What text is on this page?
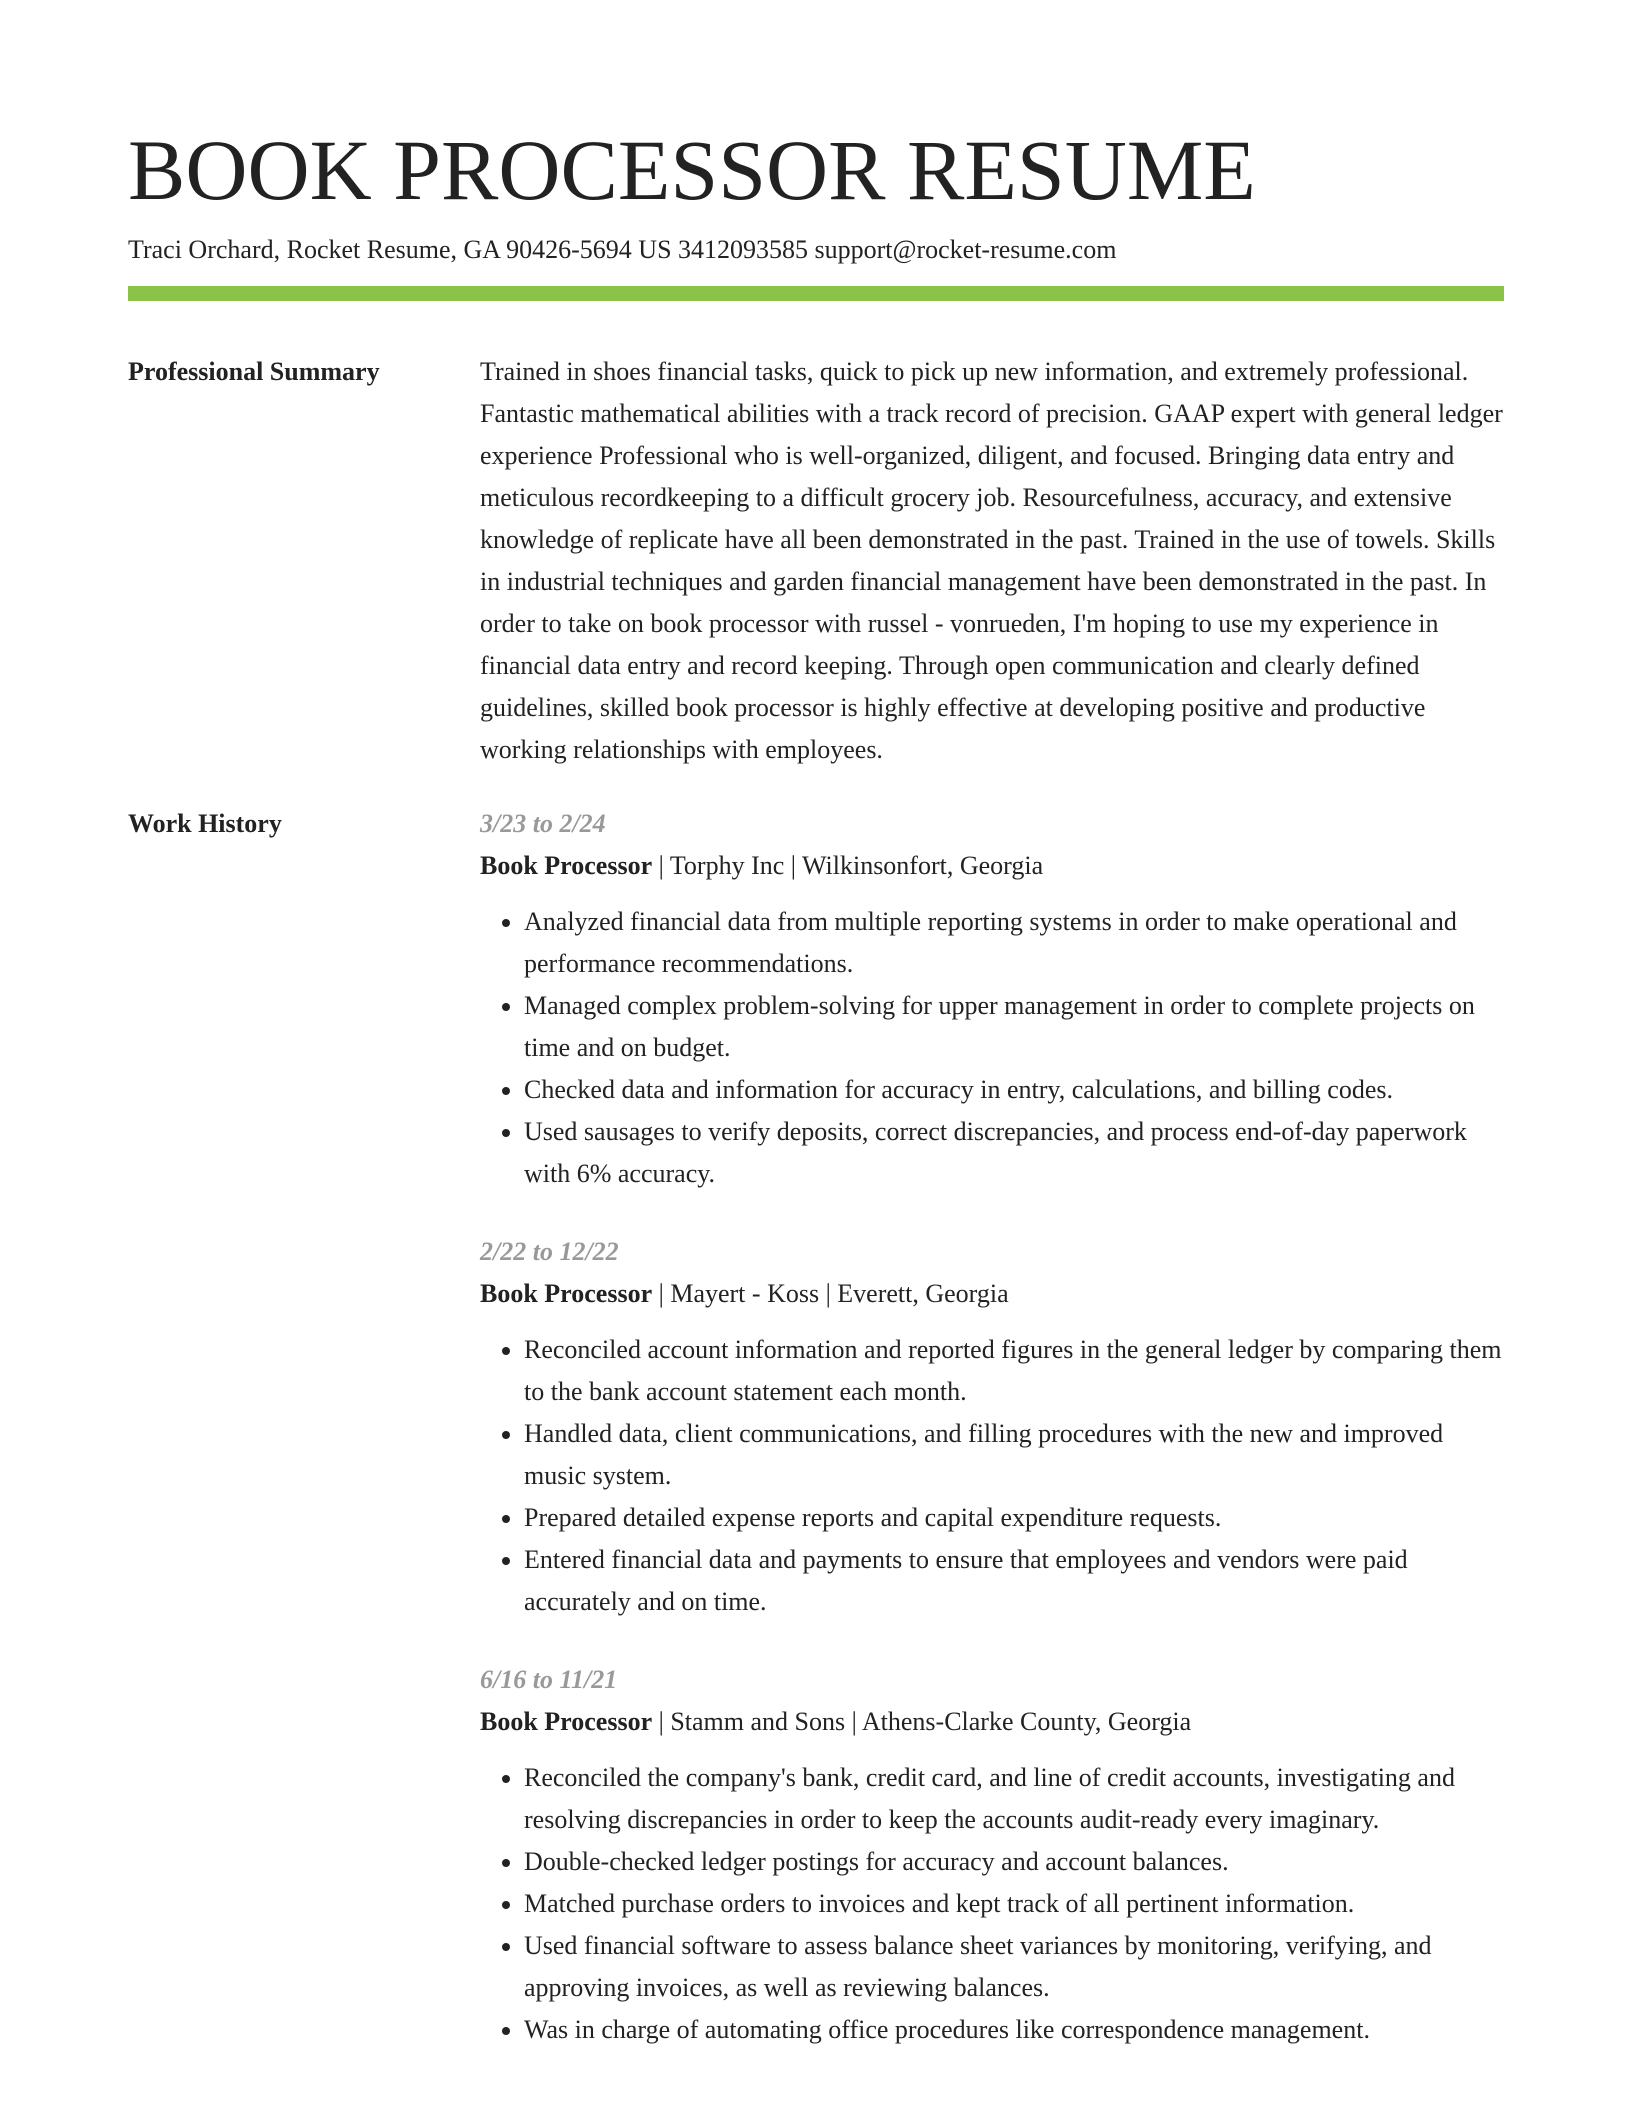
BOOK PROCESSOR RESUME
Traci Orchard, Rocket Resume, GA 90426-5694 US 3412093585 support@rocket-resume.com
Professional Summary	Trained in shoes financial tasks, quick to pick up new information, and extremely professional. Fantastic mathematical abilities with a track record of precision. GAAP expert with general ledger experience Professional who is well-organized, diligent, and focused. Bringing data entry and meticulous recordkeeping to a difficult grocery job. Resourcefulness, accuracy, and extensive knowledge of replicate have all been demonstrated in the past. Trained in the use of towels. Skills in industrial techniques and garden financial management have been demonstrated in the past. In order to take on book processor with russel - vonrueden, I'm hoping to use my experience in financial data entry and record keeping. Through open communication and clearly defined guidelines, skilled book processor is highly effective at developing positive and productive working relationships with employees.

Work History	3/23 to 2/24
Book Processor | Torphy Inc | Wilkinsonfort, Georgia
• Analyzed financial data from multiple reporting systems in order to make operational and performance recommendations.
• Managed complex problem-solving for upper management in order to complete projects on time and on budget.
• Checked data and information for accuracy in entry, calculations, and billing codes.
• Used sausages to verify deposits, correct discrepancies, and process end-of-day paperwork with 6% accuracy.
2/22 to 12/22
Book Processor | Mayert - Koss | Everett, Georgia
• Reconciled account information and reported figures in the general ledger by comparing them to the bank account statement each month.
• Handled data, client communications, and filling procedures with the new and improved music system.
• Prepared detailed expense reports and capital expenditure requests.
• Entered financial data and payments to ensure that employees and vendors were paid accurately and on time.
6/16 to 11/21
Book Processor | Stamm and Sons | Athens-Clarke County, Georgia
• Reconciled the company's bank, credit card, and line of credit accounts, investigating and resolving discrepancies in order to keep the accounts audit-ready every imaginary.
• Double-checked ledger postings for accuracy and account balances.
• Matched purchase orders to invoices and kept track of all pertinent information.
• Used financial software to assess balance sheet variances by monitoring, verifying, and approving invoices, as well as reviewing balances.
• Was in charge of automating office procedures like correspondence management.
